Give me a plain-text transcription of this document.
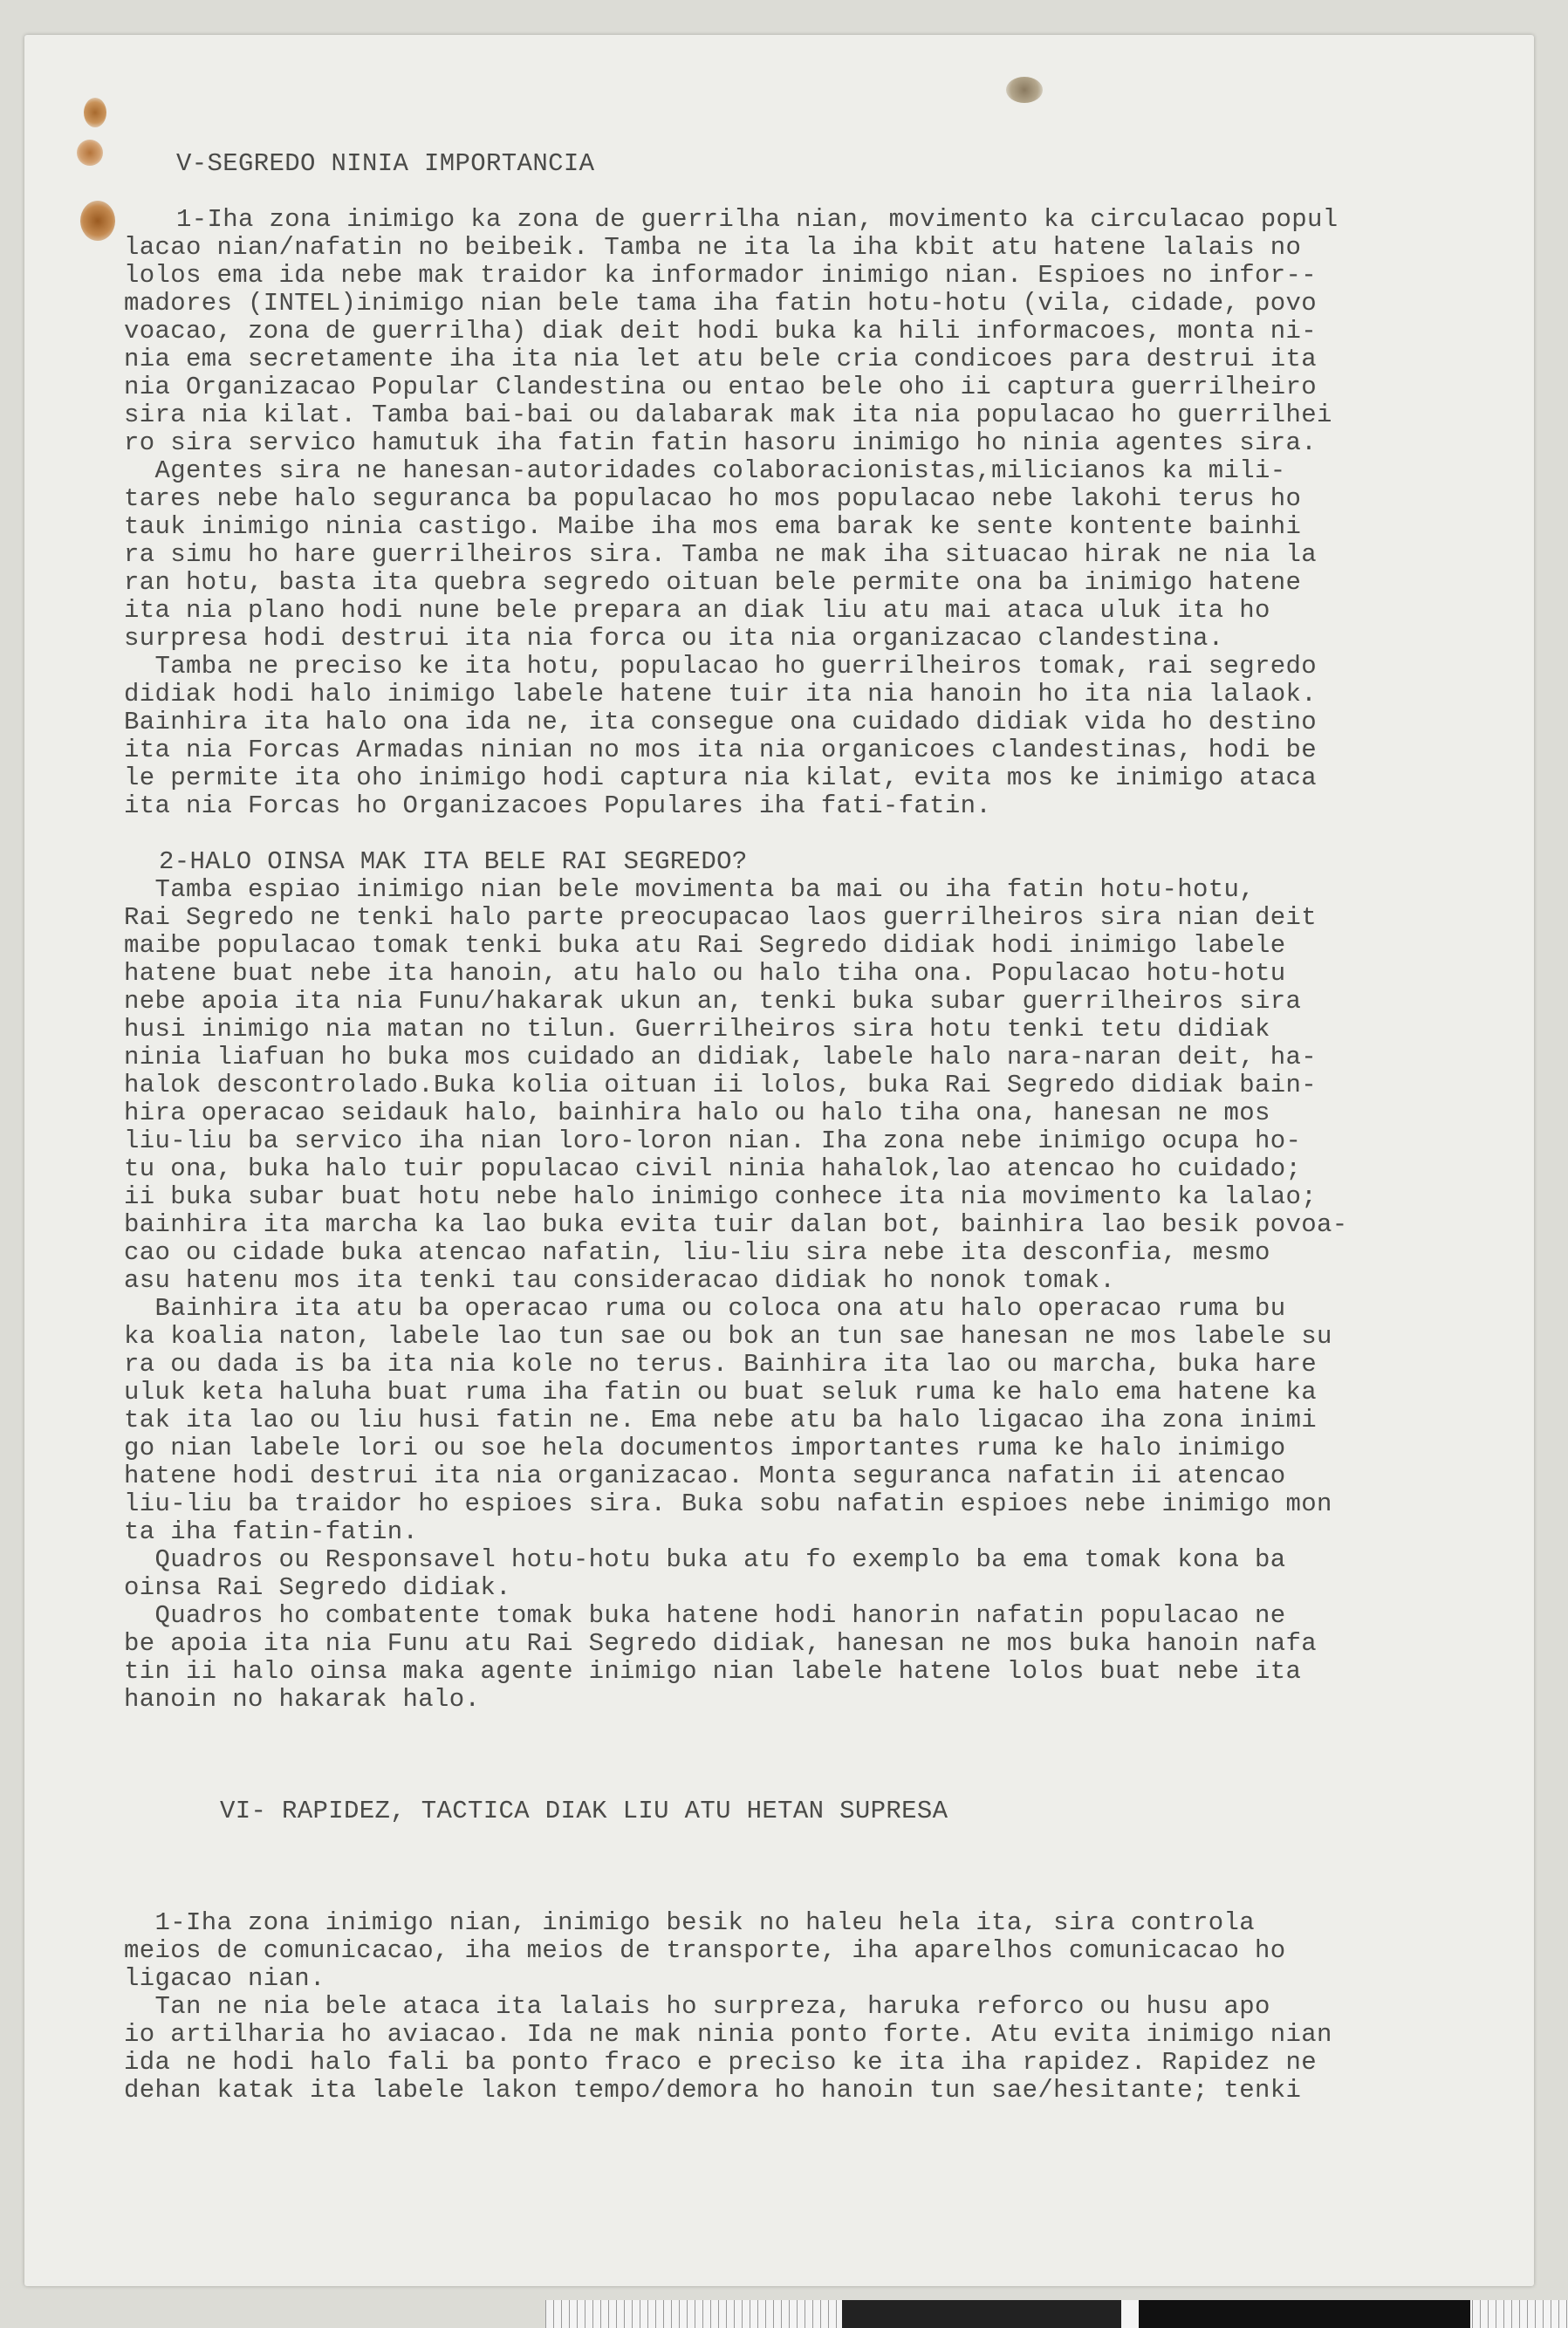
V-SEGREDO NINIA IMPORTANCIA

1-Iha zona inimigo ka zona de guerrilha nian, movimento ka circulacao popul

lacao nian/nafatin no beibeik. Tamba ne ita la iha kbit atu hatene lalais no

lolos ema ida nebe mak traidor ka informador inimigo nian. Espioes no infor--

madores (INTEL)inimigo nian bele tama iha fatin hotu-hotu (vila, cidade, povo

voacao, zona de guerrilha) diak deit hodi buka ka hili informacoes, monta ni-

nia ema secretamente iha ita nia let atu bele cria condicoes para destrui ita

nia Organizacao Popular Clandestina ou entao bele oho ii captura guerrilheiro

sira nia kilat. Tamba bai-bai ou dalabarak mak ita nia populacao ho guerrilhei

ro sira servico hamutuk iha fatin fatin hasoru inimigo ho ninia agentes sira.

Agentes sira ne hanesan-autoridades colaboracionistas,milicianos ka mili-

tares nebe halo seguranca ba populacao ho mos populacao nebe lakohi terus ho

tauk inimigo ninia castigo. Maibe iha mos ema barak ke sente kontente bainhi

ra simu ho hare guerrilheiros sira. Tamba ne mak iha situacao hirak ne nia la

ran hotu, basta ita quebra segredo oituan bele permite ona ba inimigo hatene

ita nia plano hodi nune bele prepara an diak liu atu mai ataca uluk ita ho

surpresa hodi destrui ita nia forca ou ita nia organizacao clandestina.

Tamba ne preciso ke ita hotu, populacao ho guerrilheiros tomak, rai segredo

didiak hodi halo inimigo labele hatene tuir ita nia hanoin ho ita nia lalaok.

Bainhira ita halo ona ida ne, ita consegue ona cuidado didiak vida ho destino

ita nia Forcas Armadas ninian no mos ita nia organicoes clandestinas, hodi be

le permite ita oho inimigo hodi captura nia kilat, evita mos ke inimigo ataca

ita nia Forcas ho Organizacoes Populares iha fati-fatin.

2-HALO OINSA MAK ITA BELE RAI SEGREDO?

Tamba espiao inimigo nian bele movimenta ba mai ou iha fatin hotu-hotu,

Rai Segredo ne tenki halo parte preocupacao laos guerrilheiros sira nian deit

maibe populacao tomak tenki buka atu Rai Segredo didiak hodi inimigo labele

hatene buat nebe ita hanoin, atu halo ou halo tiha ona. Populacao hotu-hotu

nebe apoia ita nia Funu/hakarak ukun an, tenki buka subar guerrilheiros sira

husi inimigo nia matan no tilun. Guerrilheiros sira hotu tenki tetu didiak

ninia liafuan ho buka mos cuidado an didiak, labele halo nara-naran deit, ha-

halok descontrolado.Buka kolia oituan ii lolos, buka Rai Segredo didiak bain-

hira operacao seidauk halo, bainhira halo ou halo tiha ona, hanesan ne mos

liu-liu ba servico iha nian loro-loron nian. Iha zona nebe inimigo ocupa ho-

tu ona, buka halo tuir populacao civil ninia hahalok,lao atencao ho cuidado;

ii buka subar buat hotu nebe halo inimigo conhece ita nia movimento ka lalao;

bainhira ita marcha ka lao buka evita tuir dalan bot, bainhira lao besik povoa-

cao ou cidade buka atencao nafatin, liu-liu sira nebe ita desconfia, mesmo

asu hatenu mos ita tenki tau consideracao didiak ho nonok tomak.

Bainhira ita atu ba operacao ruma ou coloca ona atu halo operacao ruma bu

ka koalia naton, labele lao tun sae ou bok an tun sae hanesan ne mos labele su

ra ou dada is ba ita nia kole no terus. Bainhira ita lao ou marcha, buka hare

uluk keta haluha buat ruma iha fatin ou buat seluk ruma ke halo ema hatene ka

tak ita lao ou liu husi fatin ne. Ema nebe atu ba halo ligacao iha zona inimi

go nian labele lori ou soe hela documentos importantes ruma ke halo inimigo

hatene hodi destrui ita nia organizacao. Monta seguranca nafatin ii atencao

liu-liu ba traidor ho espioes sira. Buka sobu nafatin espioes nebe inimigo mon

ta iha fatin-fatin.

Quadros ou Responsavel hotu-hotu buka atu fo exemplo ba ema tomak kona ba

oinsa Rai Segredo didiak.

Quadros ho combatente tomak buka hatene hodi hanorin nafatin populacao ne

be apoia ita nia Funu atu Rai Segredo didiak, hanesan ne mos buka hanoin nafa

tin ii halo oinsa maka agente inimigo nian labele hatene lolos buat nebe ita

hanoin no hakarak halo.

VI- RAPIDEZ, TACTICA DIAK LIU ATU HETAN SUPRESA

1-Iha zona inimigo nian, inimigo besik no haleu hela ita, sira controla

meios de comunicacao, iha meios de transporte, iha aparelhos comunicacao ho

ligacao nian.

Tan ne nia bele ataca ita lalais ho surpreza, haruka reforco ou husu apo

io artilharia ho aviacao. Ida ne mak ninia ponto forte. Atu evita inimigo nian

ida ne hodi halo fali ba ponto fraco e preciso ke ita iha rapidez. Rapidez ne

dehan katak ita labele lakon tempo/demora ho hanoin tun sae/hesitante; tenki
